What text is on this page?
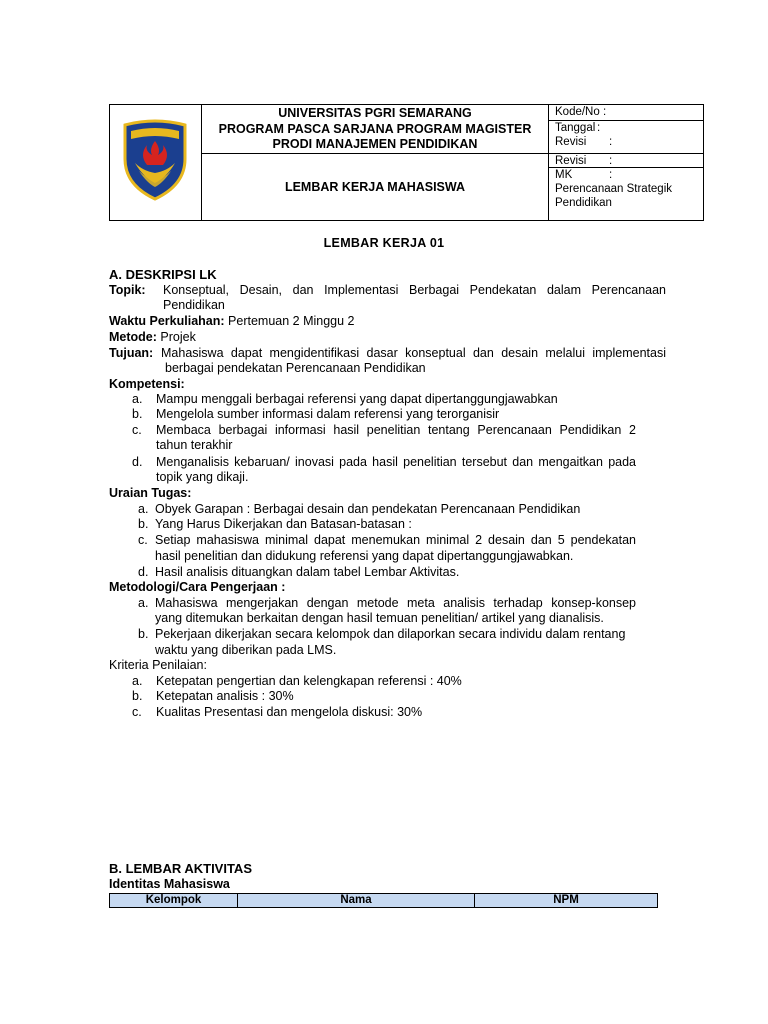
UNIVERSITAS PGRI SEMARANG
PROGRAM PASCA SARJANA PROGRAM MAGISTER
PRODI MANAJEMEN PENDIDIKAN
LEMBAR KERJA MAHASISWA
Kode/No :
Tanggal :
Revisi :
Revisi :
MK	:
Perencanaan Strategik
Pendidikan
LEMBAR KERJA 01
A. DESKRIPSI LK
Topik: Konseptual, Desain, dan Implementasi Berbagai Pendekatan dalam Perencanaan
Pendidikan
Waktu Perkuliahan: Pertemuan 2 Minggu 2
Metode: Projek
Tujuan: Mahasiswa dapat mengidentifikasi dasar konseptual dan desain melalui implementasi
berbagai pendekatan Perencanaan Pendidikan
Kompetensi:
a. Mampu menggali berbagai referensi yang dapat dipertanggungjawabkan
b. Mengelola sumber informasi dalam referensi yang terorganisir
c. Membaca berbagai informasi hasil penelitian tentang Perencanaan Pendidikan 2
tahun terakhir
d. Menganalisis kebaruan/ inovasi pada hasil penelitian tersebut dan mengaitkan pada
topik yang dikaji.
Uraian Tugas:
a. Obyek Garapan : Berbagai desain dan pendekatan Perencanaan Pendidikan
b. Yang Harus Dikerjakan dan Batasan-batasan :
c. Setiap mahasiswa minimal dapat menemukan minimal 2 desain dan 5 pendekatan
hasil penelitian dan didukung referensi yang dapat dipertanggungjawabkan.
d. Hasil analisis dituangkan dalam tabel Lembar Aktivitas.
Metodologi/Cara Pengerjaan :
a. Mahasiswa mengerjakan dengan metode meta analisis terhadap konsep-konsep
yang ditemukan berkaitan dengan hasil temuan penelitian/ artikel yang dianalisis.
b. Pekerjaan dikerjakan secara kelompok dan dilaporkan secara individu dalam rentang
waktu yang diberikan pada LMS.
Kriteria Penilaian:
a. Ketepatan pengertian dan kelengkapan referensi : 40%
b. Ketepatan analisis : 30%
c. Kualitas Presentasi dan mengelola diskusi: 30%
B. LEMBAR AKTIVITAS
Identitas Mahasiswa
Kelompok	Nama	NPM
